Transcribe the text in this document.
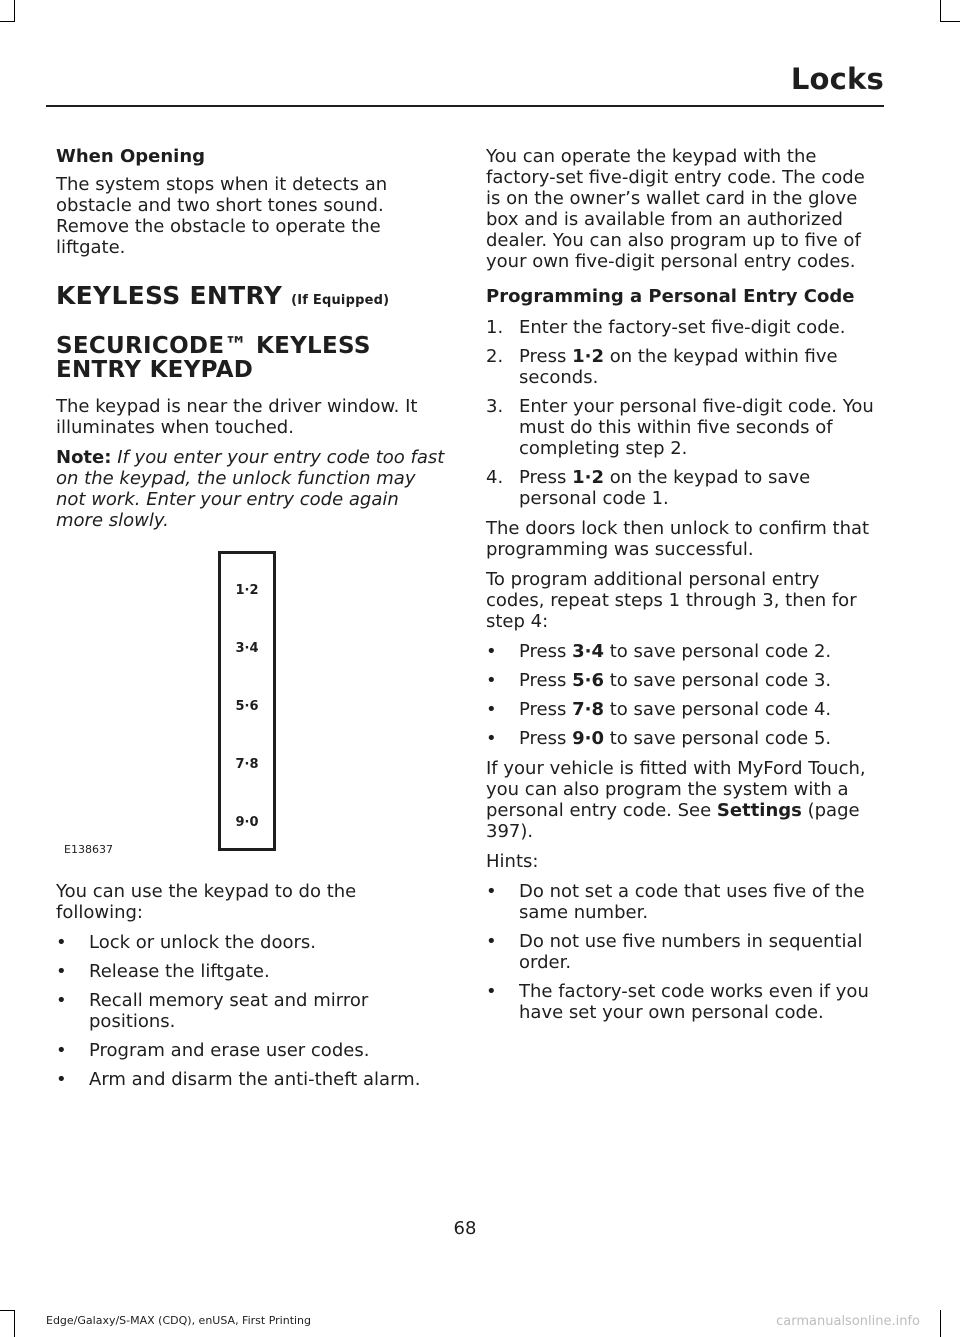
Locks
When Opening

The system stops when it detects an obstacle and two short tones sound. Remove the obstacle to operate the liftgate.

KEYLESS ENTRY (If Equipped)
SECURICODE™ KEYLESS ENTRY KEYPAD

The keypad is near the driver window. It illuminates when touched.

Note: If you enter your entry code too fast on the keypad, the unlock function may not work. Enter your entry code again more slowly.

1·2
3·4
5·6
7·8
9·0
E138637

You can use the keypad to do the following:

• Lock or unlock the doors.
• Release the liftgate.
• Recall memory seat and mirror positions.
• Program and erase user codes.
• Arm and disarm the anti-theft alarm.

You can operate the keypad with the factory-set five-digit entry code. The code is on the owner’s wallet card in the glove box and is available from an authorized dealer. You can also program up to five of your own five-digit personal entry codes.

Programming a Personal Entry Code
1. Enter the factory-set five-digit code.
2. Press 1·2 on the keypad within five seconds.
3. Enter your personal five-digit code. You must do this within five seconds of completing step 2.
4. Press 1·2 on the keypad to save personal code 1.

The doors lock then unlock to confirm that programming was successful.

To program additional personal entry codes, repeat steps 1 through 3, then for step 4:

• Press 3·4 to save personal code 2.
• Press 5·6 to save personal code 3.
• Press 7·8 to save personal code 4.
• Press 9·0 to save personal code 5.

If your vehicle is fitted with MyFord Touch, you can also program the system with a personal entry code. See Settings (page 397).

Hints:

• Do not set a code that uses five of the same number.
• Do not use five numbers in sequential order.
• The factory-set code works even if you have set your own personal code.
68
Edge/Galaxy/S-MAX (CDQ), enUSA, First Printing	carmanualsonline.info
